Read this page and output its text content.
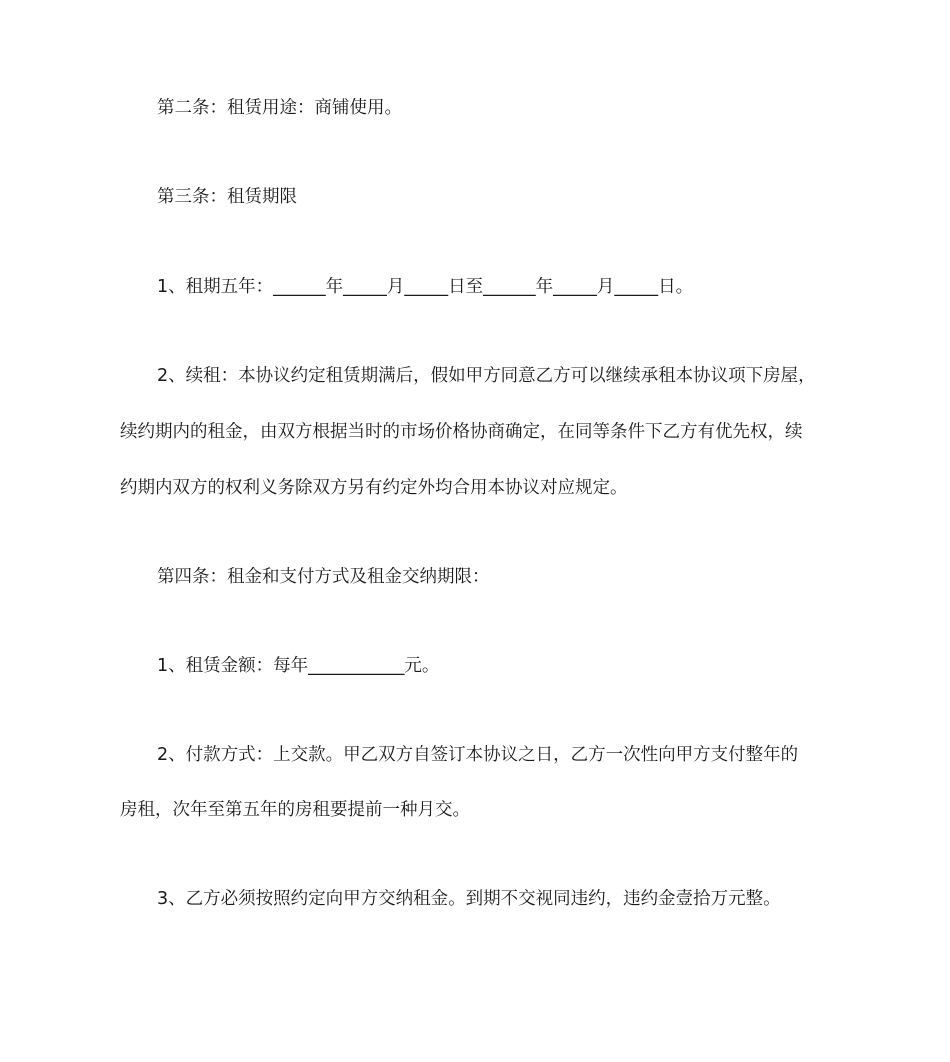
第二条：租赁用途：商铺使用。
第三条：租赁期限
1、租期五年：______年_____月_____日至______年_____月_____日。
2、续租：本协议约定租赁期满后，假如甲方同意乙方可以继续承租本协议项下房屋，
续约期内的租金，由双方根据当时的市场价格协商确定，在同等条件下乙方有优先权，续
约期内双方的权利义务除双方另有约定外均合用本协议对应规定。
第四条：租金和支付方式及租金交纳期限：
1、租赁金额：每年___________元。
2、付款方式：上交款。甲乙双方自签订本协议之日，乙方一次性向甲方支付整年的
房租，次年至第五年的房租要提前一种月交。
3、乙方必须按照约定向甲方交纳租金。到期不交视同违约，违约金壹拾万元整。
